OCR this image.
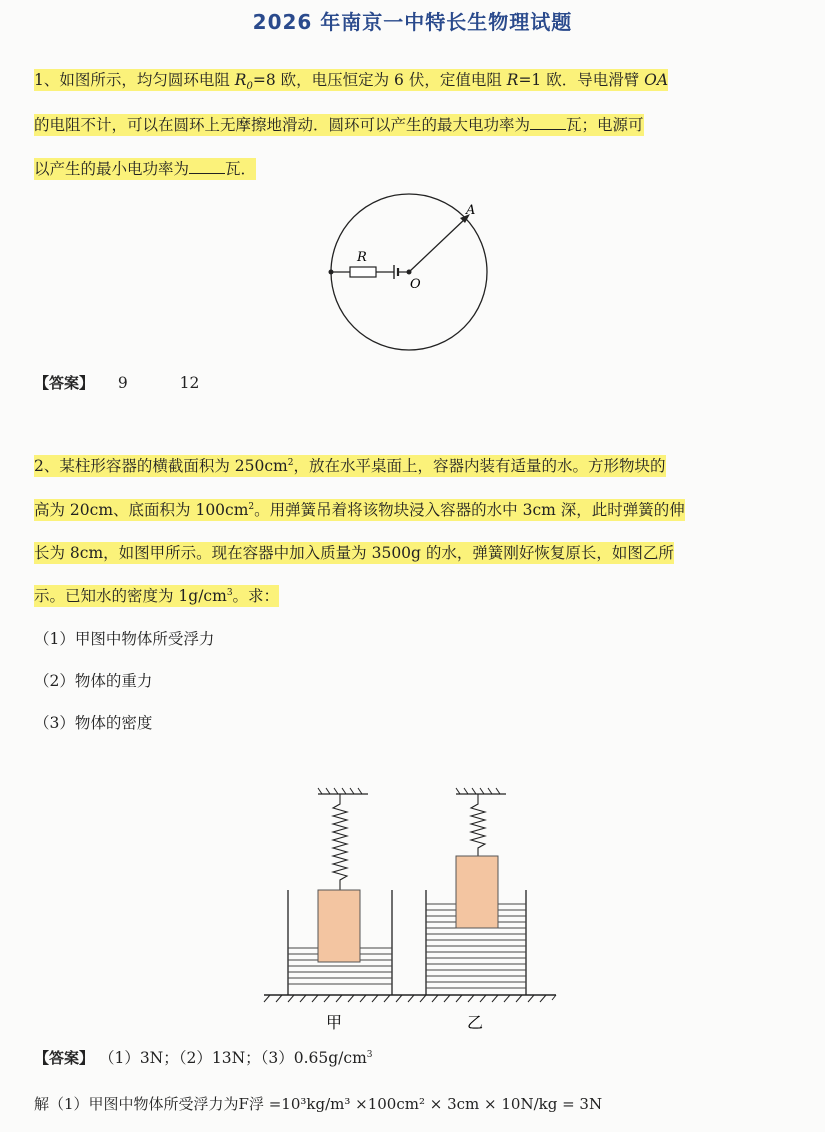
2026 年南京一中特长生物理试题
1、如图所示，均匀圆环电阻 $R_0=8$ 欧，电压恒定为 6 伏，定值电阻 R=1 欧．导电滑臂 OA
的电阻不计，可以在圆环上无摩擦地滑动．圆环可以产生的最大电功率为 瓦；电源可
以产生的最小电功率为 瓦．
R
A
O
【答案】 9	12
2、某柱形容器的横截面积为 $250cm^2$，放在水平桌面上，容器内装有适量的水。方形物块的
高为 20cm、底面积为 $100cm^2$。用弹簧吊着将该物块浸入容器的水中 3cm 深，此时弹簧的伸
长为 8cm，如图甲所示。现在容器中加入质量为 3500g 的水，弹簧刚好恢复原长，如图乙所
示。已知水的密度为 $1g/cm^3$。求：
（1）甲图中物体所受浮力
（2）物体的重力
（3）物体的密度
甲	乙
【答案】 （1）3N；（2）13N；$(3)0.65g/cm^3$
解（1）甲图中物体所受浮力为F浮 =10³kg/m³ ×100cm² × 3cm × 10N/kg = 3N
